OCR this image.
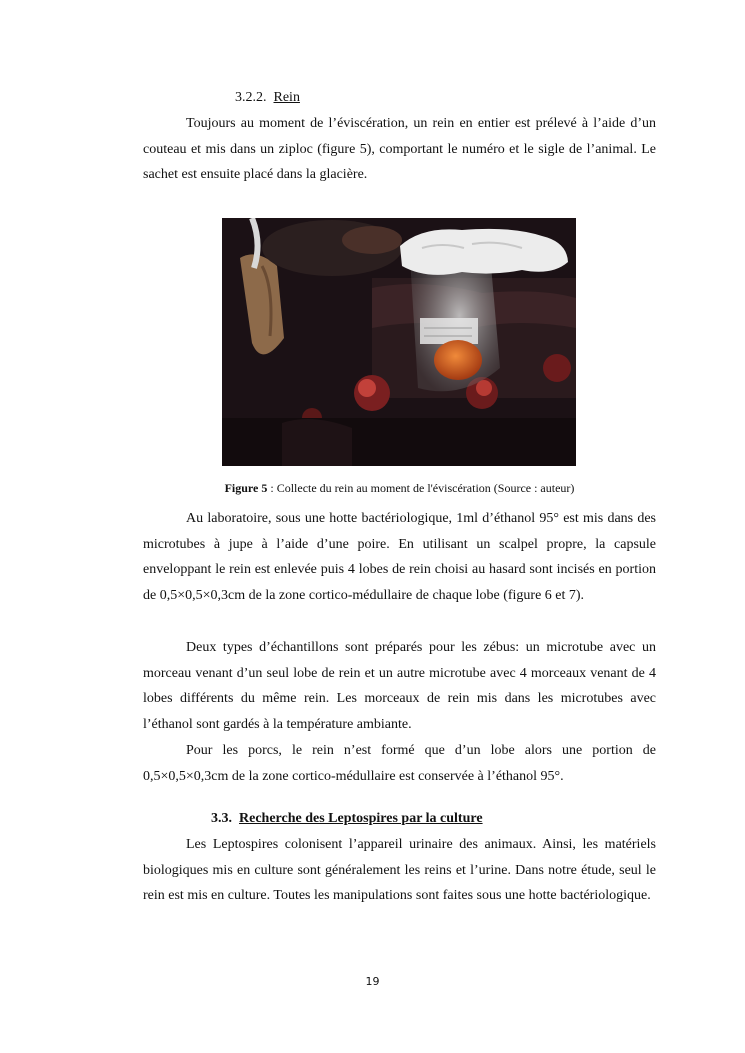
3.2.2. Rein

Toujours au moment de l’éviscération, un rein en entier est prélevé à l’aide d’un couteau et mis dans un ziploc (figure 5), comportant le numéro et le sigle de l’animal. Le sachet est ensuite placé dans la glacière.

Figure 5 : Collecte du rein au moment de l'éviscération (Source : auteur)

Au laboratoire, sous une hotte bactériologique, 1ml d’éthanol 95° est mis dans des microtubes à jupe à l’aide d’une poire. En utilisant un scalpel propre, la capsule enveloppant le rein est enlevée puis 4 lobes de rein choisi au hasard sont incisés en portion de 0,5×0,5×0,3cm de la zone cortico-médullaire de chaque lobe (figure 6 et 7).

Deux types d’échantillons sont préparés pour les zébus: un microtube avec un morceau venant d’un seul lobe de rein et un autre microtube avec 4 morceaux venant de 4 lobes différents du même rein. Les morceaux de rein mis dans les microtubes avec l’éthanol sont gardés à la température ambiante.

Pour les porcs, le rein n’est formé que d’un lobe alors une portion de 0,5×0,5×0,3cm de la zone cortico-médullaire est conservée à l’éthanol 95°.

3.3. Recherche des Leptospires par la culture

Les Leptospires colonisent l’appareil urinaire des animaux. Ainsi, les matériels biologiques mis en culture sont généralement les reins et l’urine. Dans notre étude, seul le rein est mis en culture. Toutes les manipulations sont faites sous une hotte bactériologique.

19
